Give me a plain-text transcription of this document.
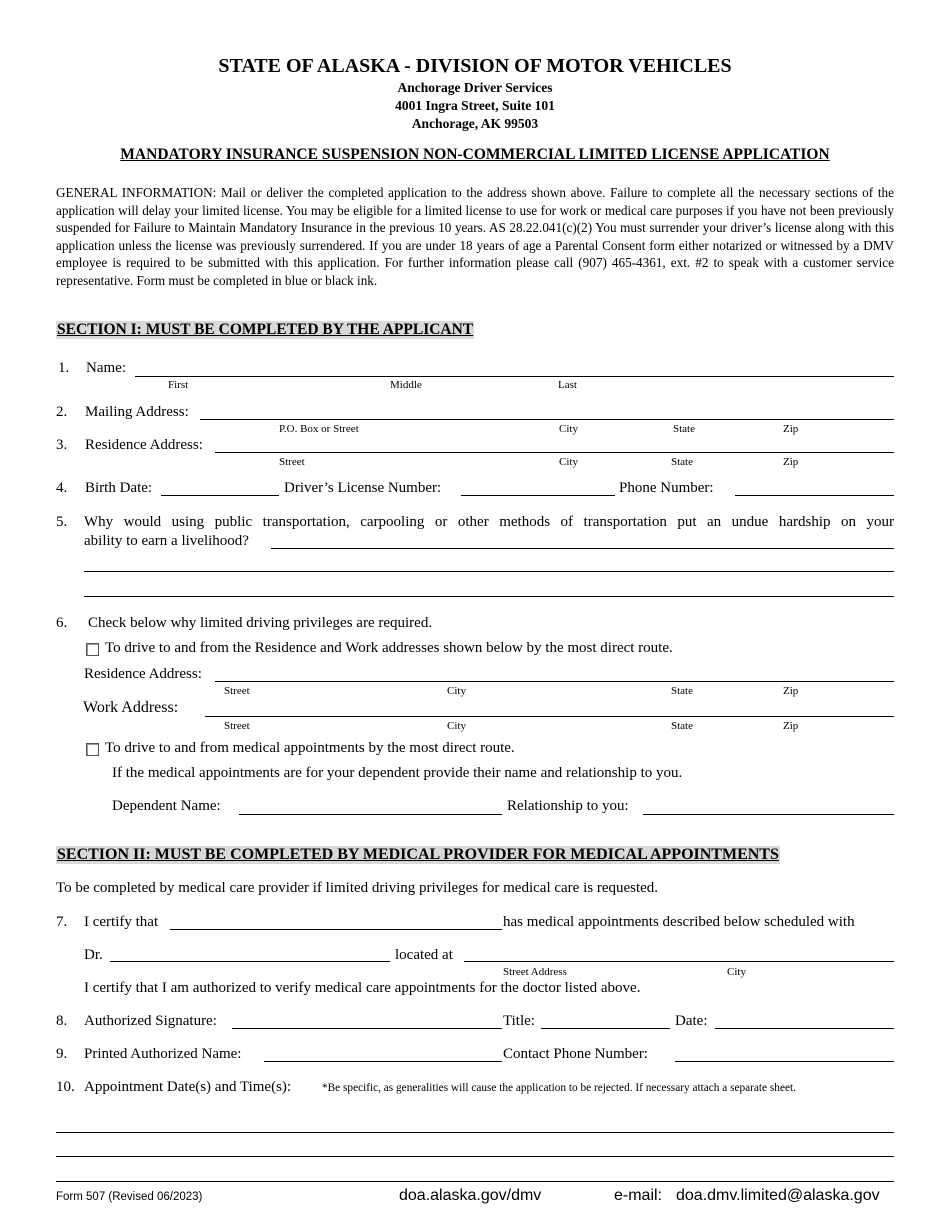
STATE OF ALASKA - DIVISION OF MOTOR VEHICLES
Anchorage Driver Services
4001 Ingra Street, Suite 101
Anchorage, AK 99503
MANDATORY INSURANCE SUSPENSION NON-COMMERCIAL LIMITED LICENSE APPLICATION
GENERAL INFORMATION: Mail or deliver the completed application to the address shown above. Failure to complete all the necessary sections of the application will delay your limited license. You may be eligible for a limited license to use for work or medical care purposes if you have not been previously suspended for Failure to Maintain Mandatory Insurance in the previous 10 years. AS 28.22.041(c)(2) You must surrender your driver’s license along with this application unless the license was previously surrendered. If you are under 18 years of age a Parental Consent form either notarized or witnessed by a DMV employee is required to be submitted with this application. For further information please call (907) 465-4361, ext. #2 to speak with a customer service representative. Form must be completed in blue or black ink.
SECTION I: MUST BE COMPLETED BY THE APPLICANT
1. Name:
First	Middle	Last
2. Mailing Address:
P.O. Box or Street	City	State	Zip
3. Residence Address:
Street	City	State	Zip
4. Birth Date:	Driver’s License Number:	Phone Number:
5. Why would using public transportation, carpooling or other methods of transportation put an undue hardship on your
ability to earn a livelihood?
6. Check below why limited driving privileges are required.
To drive to and from the Residence and Work addresses shown below by the most direct route.
Residence Address:
Street	City	State	Zip
Work Address:
Street	City	State	Zip
To drive to and from medical appointments by the most direct route.
If the medical appointments are for your dependent provide their name and relationship to you.
Dependent Name:	Relationship to you:
SECTION II: MUST BE COMPLETED BY MEDICAL PROVIDER FOR MEDICAL APPOINTMENTS
To be completed by medical care provider if limited driving privileges for medical care is requested.
7. I certify that	has medical appointments described below scheduled with
Dr.	located at
Street Address	City
I certify that I am authorized to verify medical care appointments for the doctor listed above.
8. Authorized Signature:	Title:	Date:
9. Printed Authorized Name:	Contact Phone Number:
10. Appointment Date(s) and Time(s):	*Be specific, as generalities will cause the application to be rejected. If necessary attach a separate sheet.
Form 507 (Revised 06/2023)	doa.alaska.gov/dmv	e-mail: doa.dmv.limited@alaska.gov
